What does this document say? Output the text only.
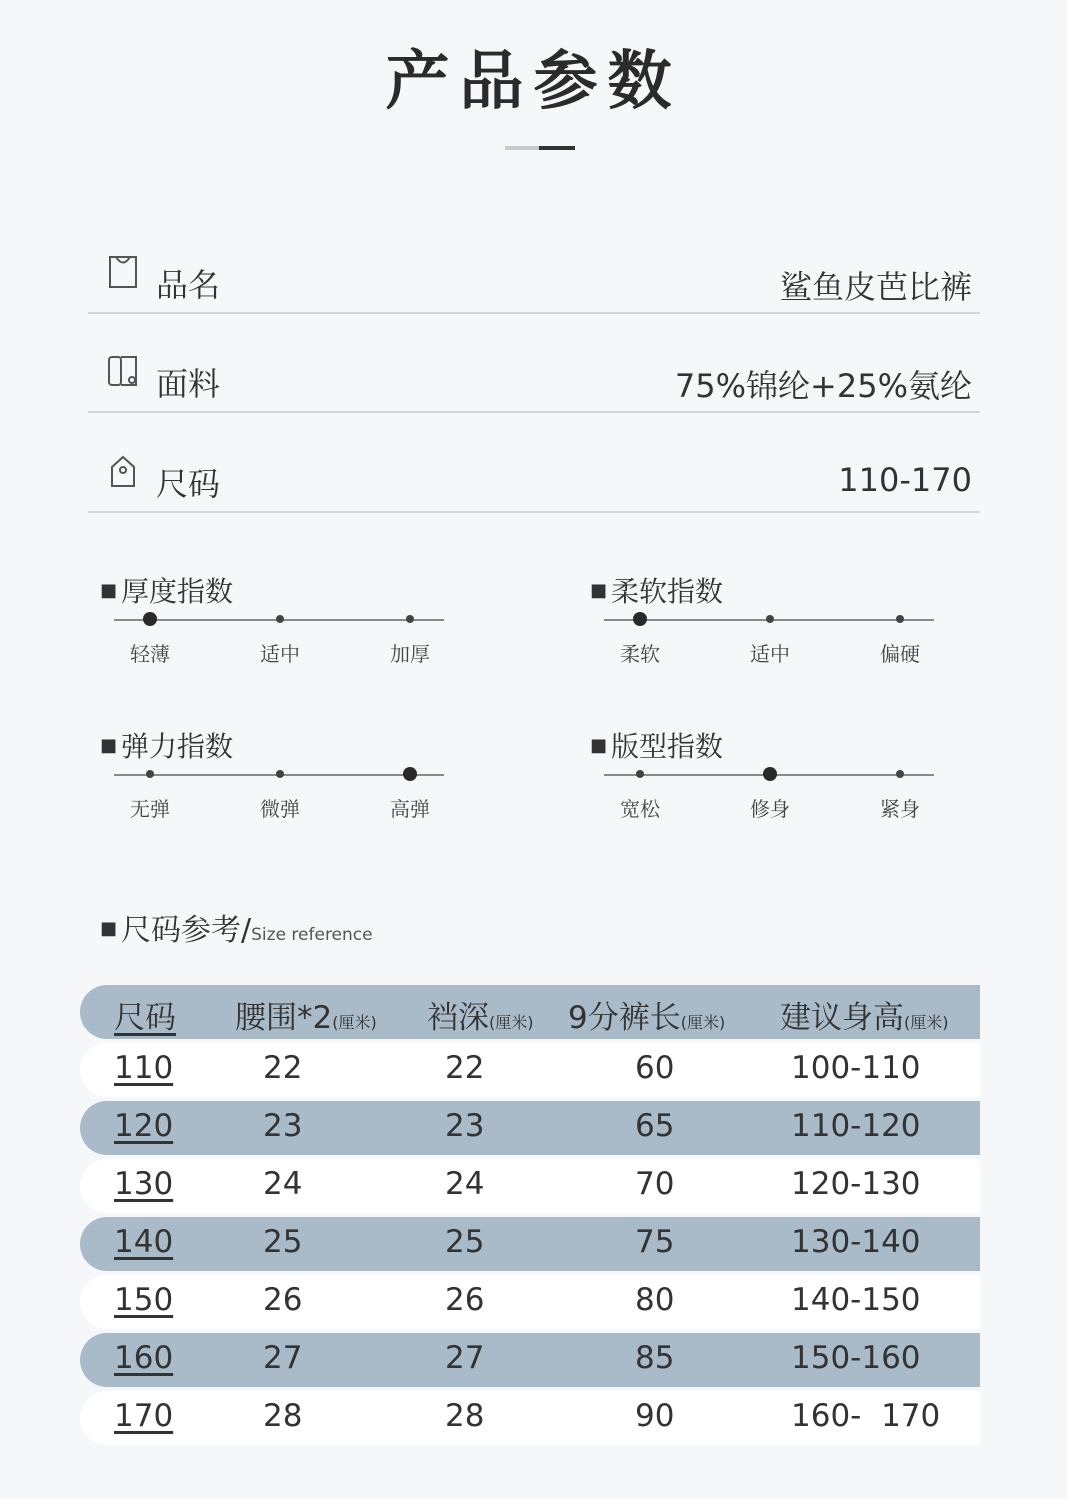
产品参数
品名	鲨鱼皮芭比裤
面料	75%锦纶+25%氨纶
尺码	110-170
■ 厚度指数
轻薄	适中	加厚
■ 柔软指数
柔软	适中	偏硬
■ 弹力指数
无弹	微弹	高弹
■ 版型指数
宽松	修身	紧身
■ 尺码参考/Size reference
尺码 腰围*2(厘米) 裆深(厘米) 9分裤长(厘米) 建议身高(厘米)
110	22	22	60	100-110
120	23	23	65	110-120
130	24	24	70	120-130
140	25	25	75	130-140
150	26	26	80	140-150
160	27	27	85	150-160
170	28	28	90	160-  170
